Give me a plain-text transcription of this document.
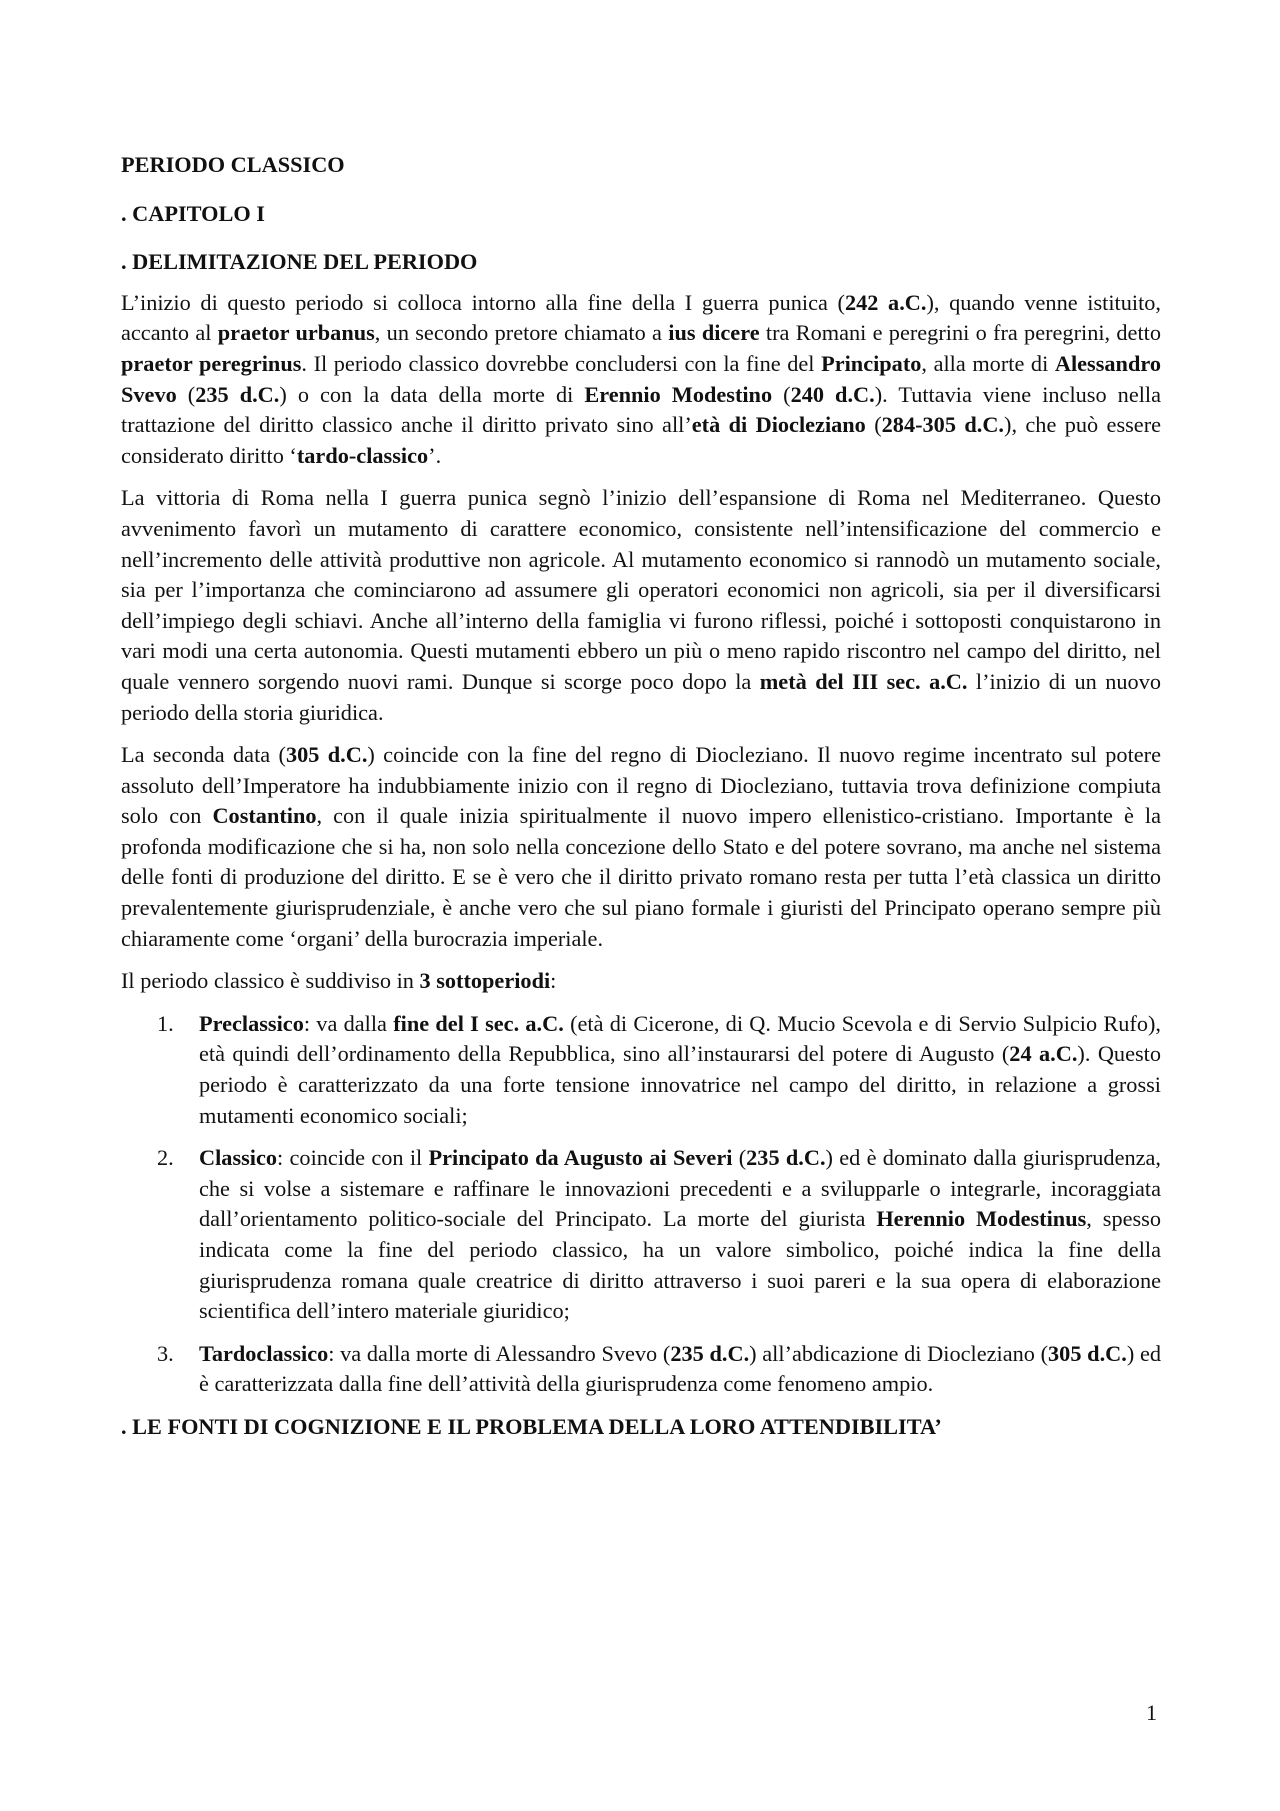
PERIODO CLASSICO
. CAPITOLO I
. DELIMITAZIONE DEL PERIODO

L’inizio di questo periodo si colloca intorno alla fine della I guerra punica (242 a.C.), quando venne istituito, accanto al praetor urbanus, un secondo pretore chiamato a ius dicere tra Romani e peregrini o fra peregrini, detto praetor peregrinus. Il periodo classico dovrebbe concludersi con la fine del Principato, alla morte di Alessandro Svevo (235 d.C.) o con la data della morte di Erennio Modestino (240 d.C.). Tuttavia viene incluso nella trattazione del diritto classico anche il diritto privato sino all’età di Diocleziano (284-305 d.C.), che può essere considerato diritto ‘tardo-classico’.

La vittoria di Roma nella I guerra punica segnò l’inizio dell’espansione di Roma nel Mediterraneo. Questo avvenimento favorì un mutamento di carattere economico, consistente nell’intensificazione del commercio e nell’incremento delle attività produttive non agricole. Al mutamento economico si rannodò un mutamento sociale, sia per l’importanza che cominciarono ad assumere gli operatori economici non agricoli, sia per il diversificarsi dell’impiego degli schiavi. Anche all’interno della famiglia vi furono riflessi, poiché i sottoposti conquistarono in vari modi una certa autonomia. Questi mutamenti ebbero un più o meno rapido riscontro nel campo del diritto, nel quale vennero sorgendo nuovi rami. Dunque si scorge poco dopo la metà del III sec. a.C. l’inizio di un nuovo periodo della storia giuridica.

La seconda data (305 d.C.) coincide con la fine del regno di Diocleziano. Il nuovo regime incentrato sul potere assoluto dell’Imperatore ha indubbiamente inizio con il regno di Diocleziano, tuttavia trova definizione compiuta solo con Costantino, con il quale inizia spiritualmente il nuovo impero ellenistico-cristiano. Importante è la profonda modificazione che si ha, non solo nella concezione dello Stato e del potere sovrano, ma anche nel sistema delle fonti di produzione del diritto. E se è vero che il diritto privato romano resta per tutta l’età classica un diritto prevalentemente giurisprudenziale, è anche vero che sul piano formale i giuristi del Principato operano sempre più chiaramente come ‘organi’ della burocrazia imperiale.

Il periodo classico è suddiviso in 3 sottoperiodi:

1. Preclassico: va dalla fine del I sec. a.C. (età di Cicerone, di Q. Mucio Scevola e di Servio Sulpicio Rufo), età quindi dell’ordinamento della Repubblica, sino all’instaurarsi del potere di Augusto (24 a.C.). Questo periodo è caratterizzato da una forte tensione innovatrice nel campo del diritto, in relazione a grossi mutamenti economico sociali;
2. Classico: coincide con il Principato da Augusto ai Severi (235 d.C.) ed è dominato dalla giurisprudenza, che si volse a sistemare e raffinare le innovazioni precedenti e a svilupparle o integrarle, incoraggiata dall’orientamento politico-sociale del Principato. La morte del giurista Herennio Modestinus, spesso indicata come la fine del periodo classico, ha un valore simbolico, poiché indica la fine della giurisprudenza romana quale creatrice di diritto attraverso i suoi pareri e la sua opera di elaborazione scientifica dell’intero materiale giuridico;
3. Tardoclassico: va dalla morte di Alessandro Svevo (235 d.C.) all’abdicazione di Diocleziano (305 d.C.) ed è caratterizzata dalla fine dell’attività della giurisprudenza come fenomeno ampio.
. LE FONTI DI COGNIZIONE E IL PROBLEMA DELLA LORO ATTENDIBILITA’
1
